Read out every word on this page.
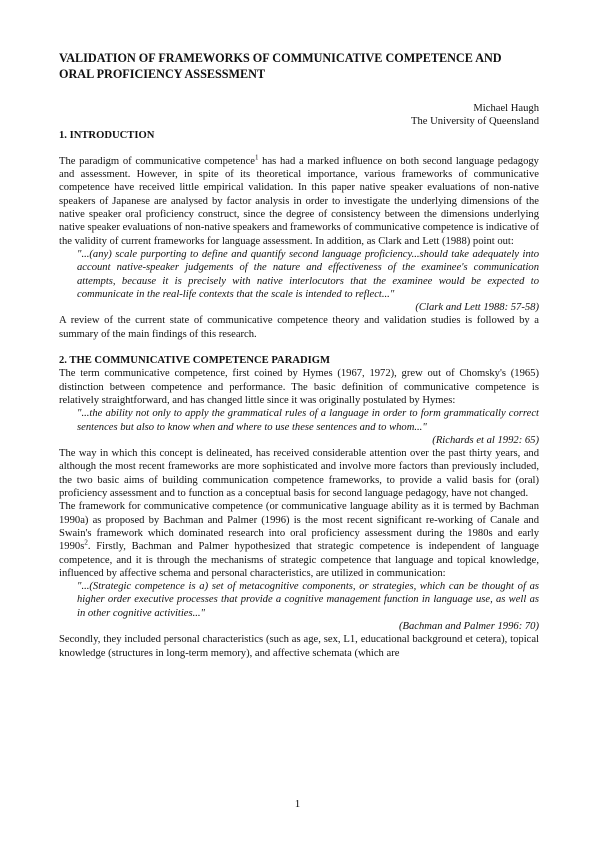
VALIDATION OF FRAMEWORKS OF COMMUNICATIVE COMPETENCE AND ORAL PROFICIENCY ASSESSMENT

Michael Haugh
The University of Queensland

1. INTRODUCTION

The paradigm of communicative competence$^1$ has had a marked influence on both second language pedagogy and assessment. However, in spite of its theoretical importance, various frameworks of communicative competence have received little empirical validation. In this paper native speaker evaluations of non-native speakers of Japanese are analysed by factor analysis in order to investigate the underlying dimensions of the native speaker oral proficiency construct, since the degree of consistency between the dimensions underlying native speaker evaluations of non-native speakers and frameworks of communicative competence is indicative of the validity of current frameworks for language assessment. In addition, as Clark and Lett (1988) point out:

"...(any) scale purporting to define and quantify second language proficiency...should take adequately into account native-speaker judgements of the nature and effectiveness of the examinee's communication attempts, because it is precisely with native interlocutors that the examinee would be expected to communicate in the real-life contexts that the scale is intended to reflect..."

(Clark and Lett 1988: 57-58)

A review of the current state of communicative competence theory and validation studies is followed by a summary of the main findings of this research.

2. THE COMMUNICATIVE COMPETENCE PARADIGM

The term communicative competence, first coined by Hymes (1967, 1972), grew out of Chomsky's (1965) distinction between competence and performance. The basic definition of communicative competence is relatively straightforward, and has changed little since it was originally postulated by Hymes:

"...the ability not only to apply the grammatical rules of a language in order to form grammatically correct sentences but also to know when and where to use these sentences and to whom..."

(Richards et al 1992: 65)

The way in which this concept is delineated, has received considerable attention over the past thirty years, and although the most recent frameworks are more sophisticated and involve more factors than previously included, the two basic aims of building communication competence frameworks, to provide a valid basis for (oral) proficiency assessment and to function as a conceptual basis for second language pedagogy, have not changed.

The framework for communicative competence (or communicative language ability as it is termed by Bachman 1990a) as proposed by Bachman and Palmer (1996) is the most recent significant re-working of Canale and Swain's framework which dominated research into oral proficiency assessment during the 1980s and early $1990s^2$. Firstly, Bachman and Palmer hypothesized that strategic competence is independent of language competence, and it is through the mechanisms of strategic competence that language and topical knowledge, influenced by affective schema and personal characteristics, are utilized in communication:

"...(Strategic competence is a) set of metacognitive components, or strategies, which can be thought of as higher order executive processes that provide a cognitive management function in language use, as well as in other cognitive activities..."

(Bachman and Palmer 1996: 70)

Secondly, they included personal characteristics (such as age, sex, L1, educational background et cetera), topical knowledge (structures in long-term memory), and affective schemata (which are

1
